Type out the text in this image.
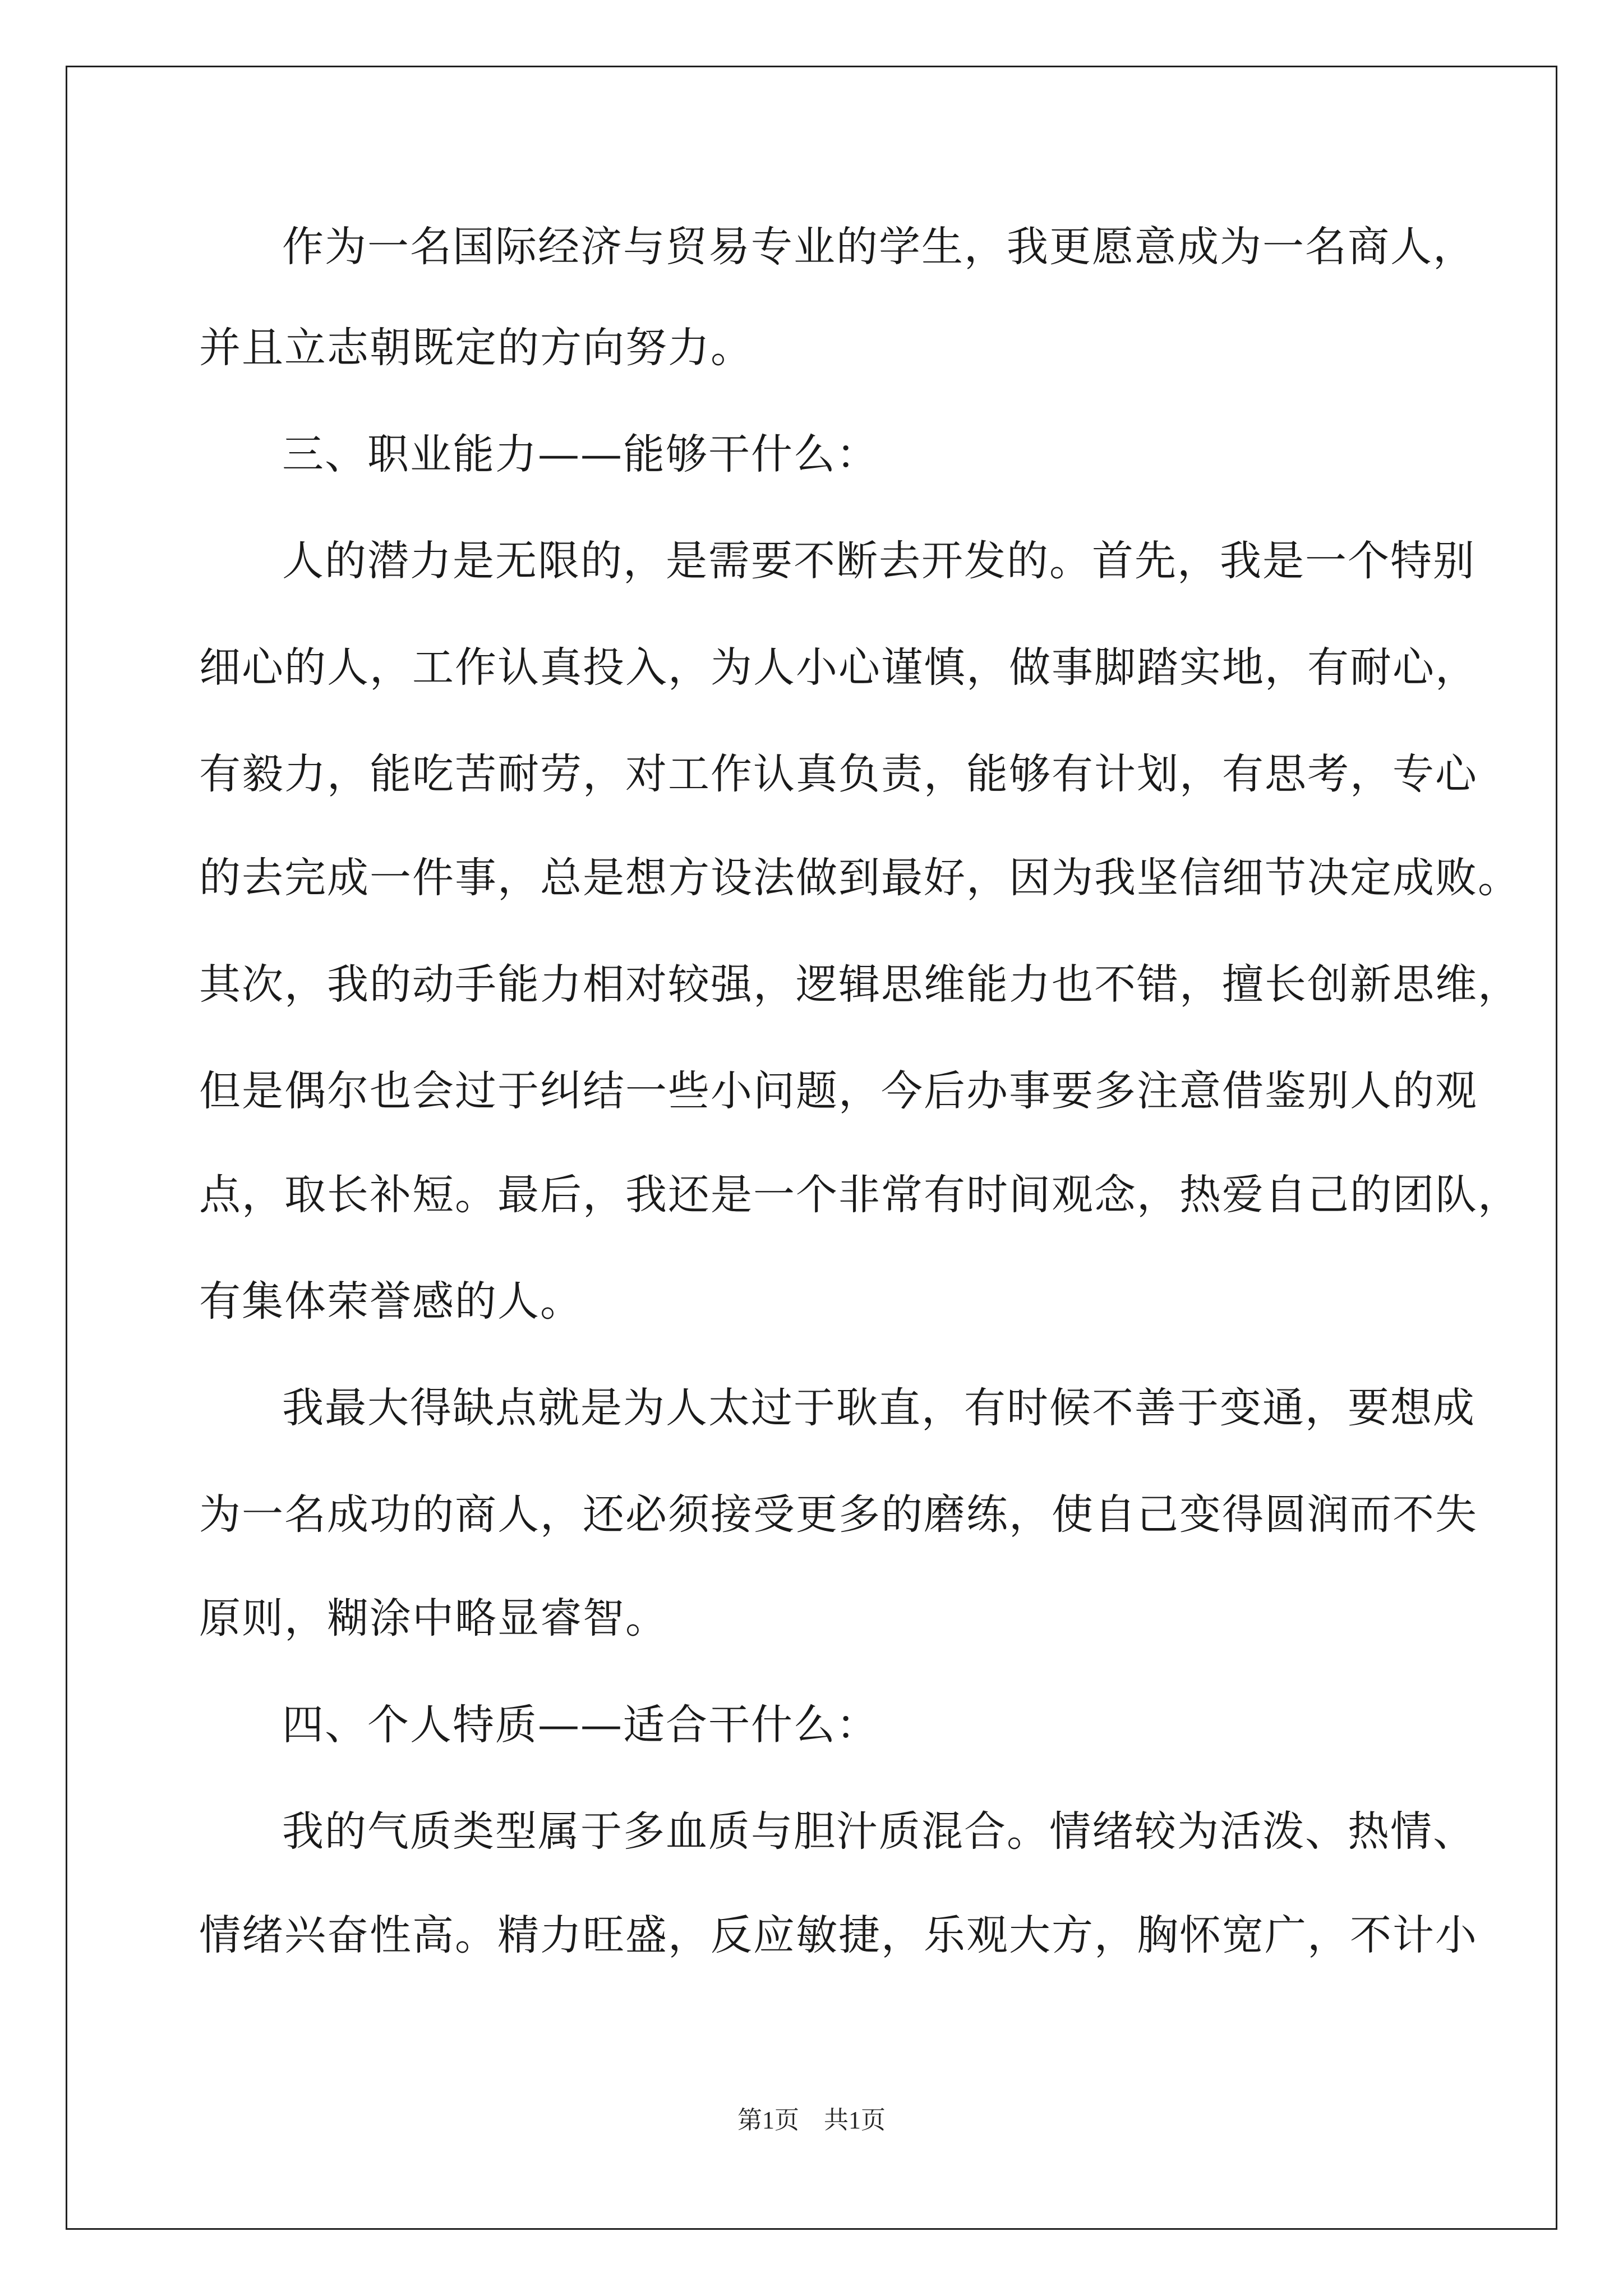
作为一名国际经济与贸易专业的学生，我更愿意成为一名商人，
并且立志朝既定的方向努力。
三、职业能力——能够干什么：
人的潜力是无限的，是需要不断去开发的。首先，我是一个特别
细心的人，工作认真投入，为人小心谨慎，做事脚踏实地，有耐心，
有毅力，能吃苦耐劳，对工作认真负责，能够有计划，有思考，专心
的去完成一件事，总是想方设法做到最好，因为我坚信细节决定成败。
其次，我的动手能力相对较强，逻辑思维能力也不错，擅长创新思维，
但是偶尔也会过于纠结一些小问题，今后办事要多注意借鉴别人的观
点，取长补短。最后，我还是一个非常有时间观念，热爱自己的团队，
有集体荣誉感的人。
我最大得缺点就是为人太过于耿直，有时候不善于变通，要想成
为一名成功的商人，还必须接受更多的磨练，使自己变得圆润而不失
原则，糊涂中略显睿智。
四、个人特质——适合干什么：
我的气质类型属于多血质与胆汁质混合。情绪较为活泼、热情、
情绪兴奋性高。精力旺盛，反应敏捷，乐观大方，胸怀宽广，不计小
第1页 共1页
